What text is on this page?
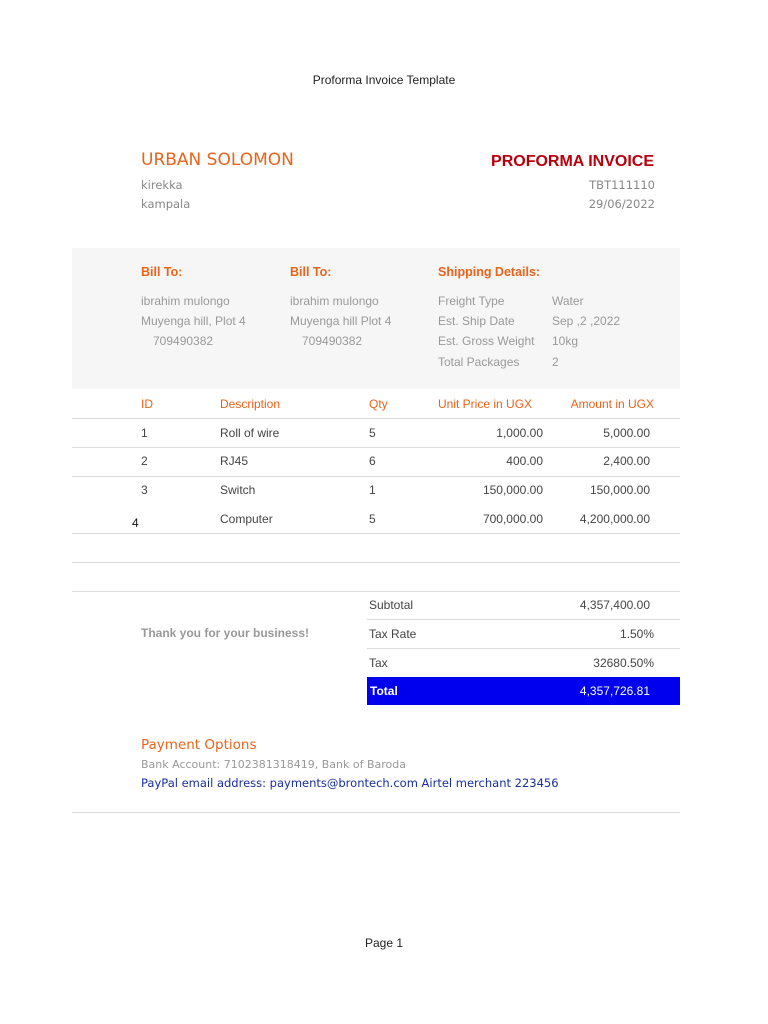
Proforma Invoice Template
URBAN SOLOMON
kirekka
kampala
PROFORMA INVOICE
TBT111110
29/06/2022
Bill To:
ibrahim mulongo
Muyenga hill, Plot 4
709490382
Bill To:
ibrahim mulongo
Muyenga hill Plot 4
709490382
Shipping Details:
Freight Type	Water
Est. Ship Date	Sep ,2 ,2022
Est. Gross Weight 10kg
Total Packages	2
ID	Description	Qty	Unit Price in UGX	Amount in UGX
1	Roll of wire	5	1,000.00	5,000.00
2	RJ45	6	400.00	2,400.00
3	Switch	1	150,000.00	150,000.00
4	Computer	5	700,000.00	4,200,000.00
Thank you for your business!
Subtotal	4,357,400.00
Tax Rate	1.50%
Tax	32680.50%
Total	4,357,726.81
Payment Options
Bank Account: 7102381318419, Bank of Baroda
PayPal email address: payments@brontech.com Airtel merchant 223456
Page 1
